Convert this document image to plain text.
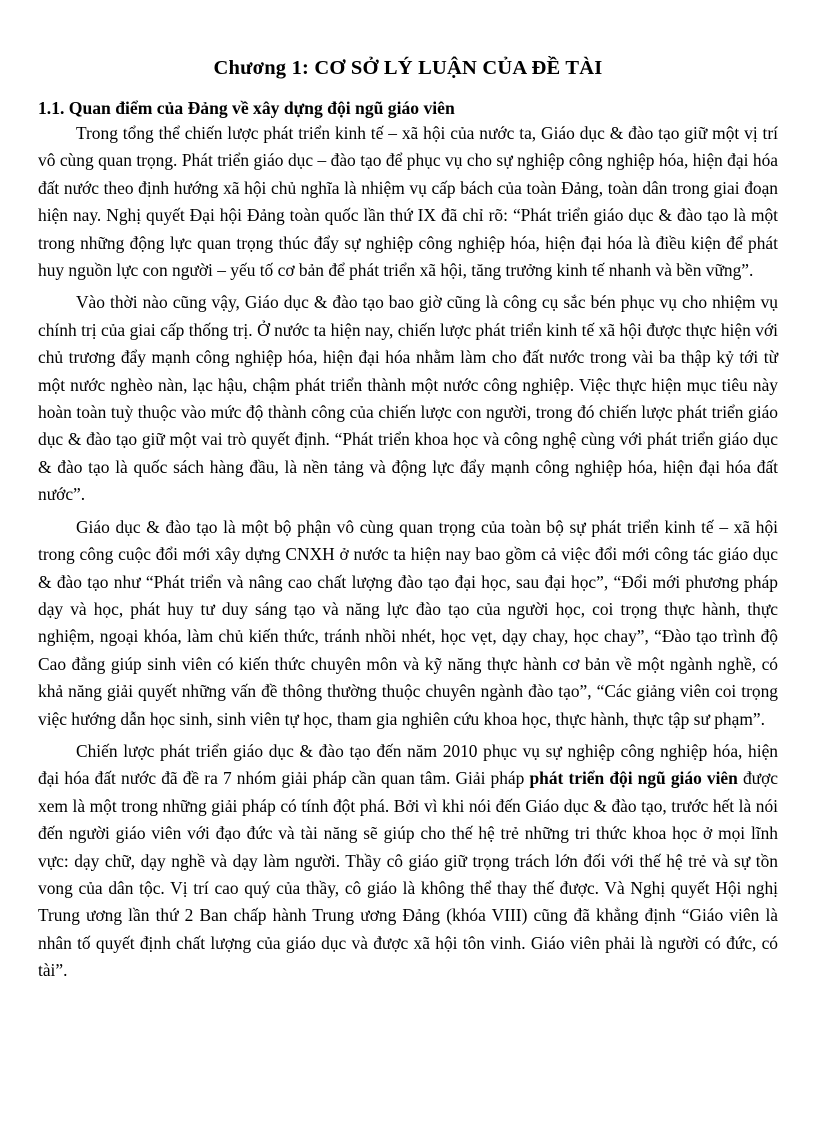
Chương 1: CƠ SỞ LÝ LUẬN CỦA ĐỀ TÀI
1.1. Quan điểm của Đảng về xây dựng đội ngũ giáo viên

Trong tổng thể chiến lược phát triển kinh tế – xã hội của nước ta, Giáo dục & đào tạo giữ một vị trí vô cùng quan trọng. Phát triển giáo dục – đào tạo để phục vụ cho sự nghiệp công nghiệp hóa, hiện đại hóa đất nước theo định hướng xã hội chủ nghĩa là nhiệm vụ cấp bách của toàn Đảng, toàn dân trong giai đoạn hiện nay. Nghị quyết Đại hội Đảng toàn quốc lần thứ IX đã chỉ rõ: “Phát triển giáo dục & đào tạo là một trong những động lực quan trọng thúc đẩy sự nghiệp công nghiệp hóa, hiện đại hóa là điều kiện để phát huy nguồn lực con người – yếu tố cơ bản để phát triển xã hội, tăng trưởng kinh tế nhanh và bền vững”.

Vào thời nào cũng vậy, Giáo dục & đào tạo bao giờ cũng là công cụ sắc bén phục vụ cho nhiệm vụ chính trị của giai cấp thống trị. Ở nước ta hiện nay, chiến lược phát triển kinh tế xã hội được thực hiện với chủ trương đẩy mạnh công nghiệp hóa, hiện đại hóa nhằm làm cho đất nước trong vài ba thập kỷ tới từ một nước nghèo nàn, lạc hậu, chậm phát triển thành một nước công nghiệp. Việc thực hiện mục tiêu này hoàn toàn tuỳ thuộc vào mức độ thành công của chiến lược con người, trong đó chiến lược phát triển giáo dục & đào tạo giữ một vai trò quyết định. “Phát triển khoa học và công nghệ cùng với phát triển giáo dục & đào tạo là quốc sách hàng đầu, là nền tảng và động lực đẩy mạnh công nghiệp hóa, hiện đại hóa đất nước”.

Giáo dục & đào tạo là một bộ phận vô cùng quan trọng của toàn bộ sự phát triển kinh tế – xã hội trong công cuộc đổi mới xây dựng CNXH ở nước ta hiện nay bao gồm cả việc đổi mới công tác giáo dục & đào tạo như “Phát triển và nâng cao chất lượng đào tạo đại học, sau đại học”, “Đổi mới phương pháp dạy và học, phát huy tư duy sáng tạo và năng lực đào tạo của người học, coi trọng thực hành, thực nghiệm, ngoại khóa, làm chủ kiến thức, tránh nhồi nhét, học vẹt, dạy chay, học chay”, “Đào tạo trình độ Cao đẳng giúp sinh viên có kiến thức chuyên môn và kỹ năng thực hành cơ bản về một ngành nghề, có khả năng giải quyết những vấn đề thông thường thuộc chuyên ngành đào tạo”, “Các giảng viên coi trọng việc hướng dẫn học sinh, sinh viên tự học, tham gia nghiên cứu khoa học, thực hành, thực tập sư phạm”.

Chiến lược phát triển giáo dục & đào tạo đến năm 2010 phục vụ sự nghiệp công nghiệp hóa, hiện đại hóa đất nước đã đề ra 7 nhóm giải pháp cần quan tâm. Giải pháp phát triển đội ngũ giáo viên được xem là một trong những giải pháp có tính đột phá. Bởi vì khi nói đến Giáo dục & đào tạo, trước hết là nói đến người giáo viên với đạo đức và tài năng sẽ giúp cho thế hệ trẻ những tri thức khoa học ở mọi lĩnh vực: dạy chữ, dạy nghề và dạy làm người. Thầy cô giáo giữ trọng trách lớn đối với thế hệ trẻ và sự tồn vong của dân tộc. Vị trí cao quý của thầy, cô giáo là không thể thay thế được. Và Nghị quyết Hội nghị Trung ương lần thứ 2 Ban chấp hành Trung ương Đảng (khóa VIII) cũng đã khẳng định “Giáo viên là nhân tố quyết định chất lượng của giáo dục và được xã hội tôn vinh. Giáo viên phải là người có đức, có tài”.
